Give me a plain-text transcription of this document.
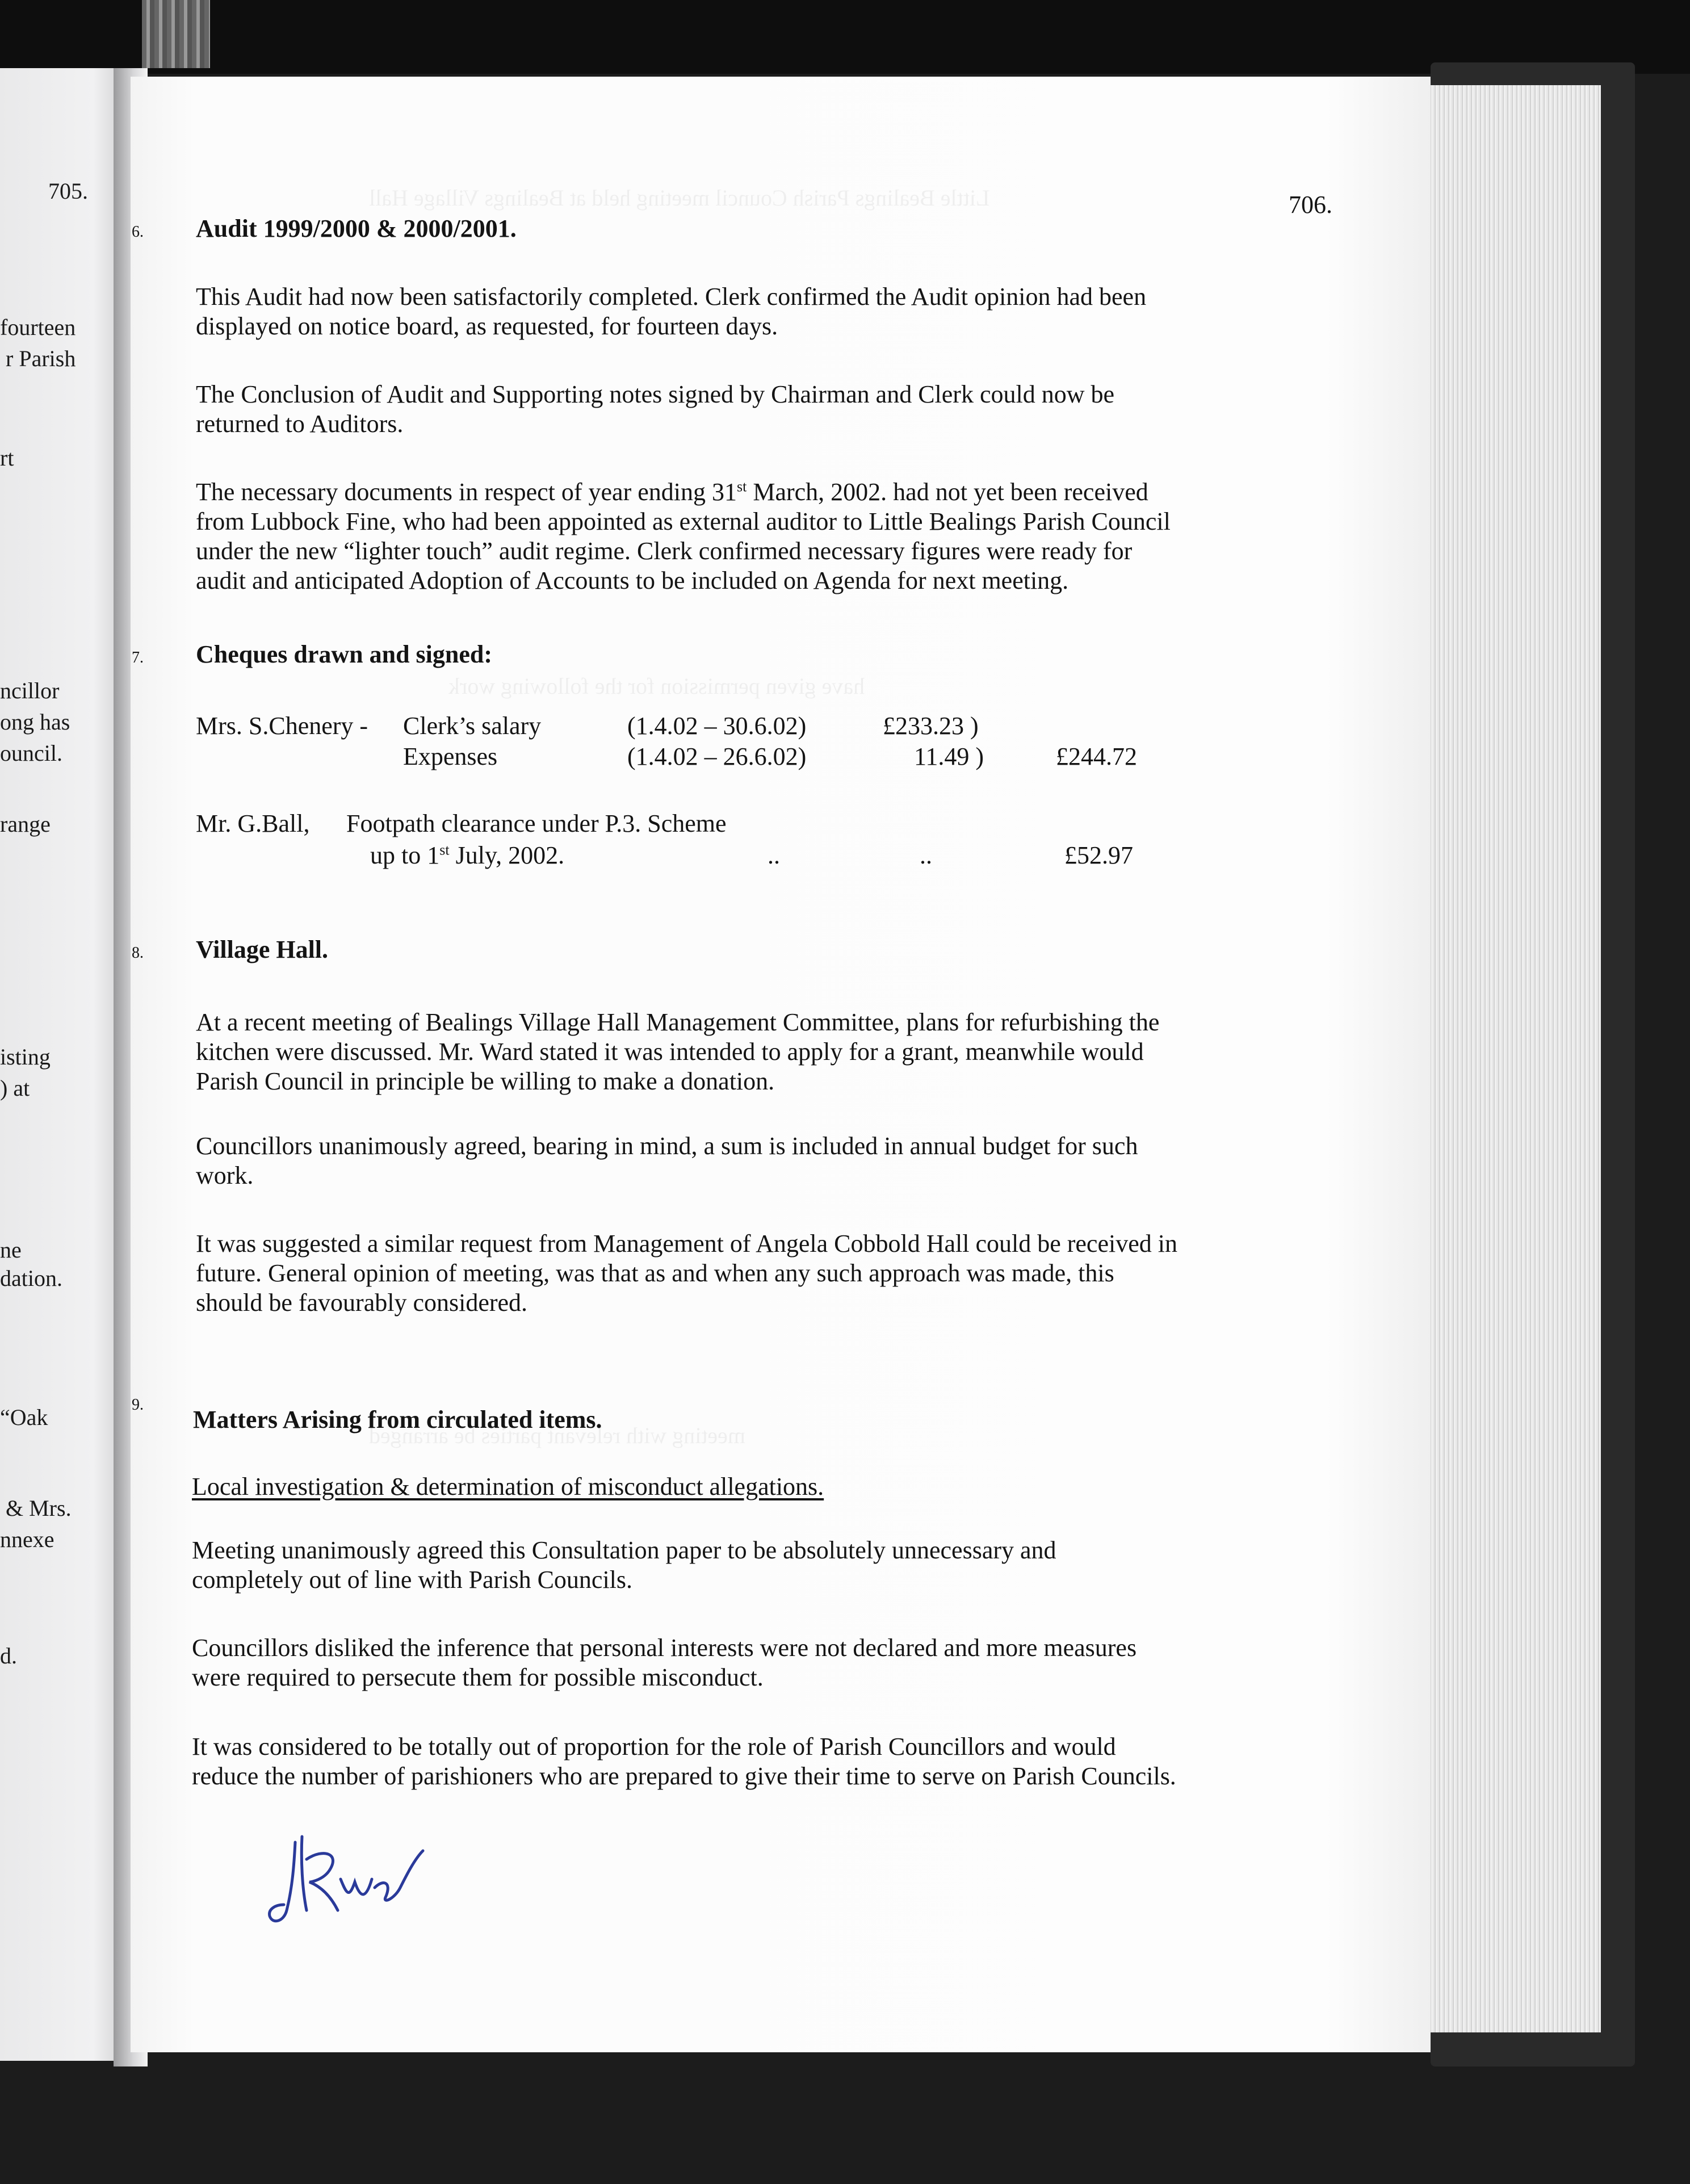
705.
fourteen
r Parish
rt
ncillor
ong has
ouncil.
range
isting
) at
ne
dation.
“Oak
& Mrs.
nnexe
d.
Little Bealings Parish Council meeting held at Bealings Village Hall
have given permission for the following work
meeting with relevant parties be arranged
706.
6. Audit 1999/2000 & 2000/2001.
This Audit had now been satisfactorily completed. Clerk confirmed the Audit opinion had been
displayed on notice board, as requested, for fourteen days.
The Conclusion of Audit and Supporting notes signed by Chairman and Clerk could now be
returned to Auditors.
The necessary documents in respect of year ending 31st March, 2002. had not yet been received
from Lubbock Fine, who had been appointed as external auditor to Little Bealings Parish Council
under the new “lighter touch” audit regime. Clerk confirmed necessary figures were ready for
audit and anticipated Adoption of Accounts to be included on Agenda for next meeting.
7. Cheques drawn and signed:
Mrs. S.Chenery - Clerk’s salary	(1.4.02 – 30.6.02)	£233.23 )
Expenses	(1.4.02 – 26.6.02)	11.49 )	£244.72
Mr. G.Ball, Footpath clearance under P.3. Scheme
up to 1st July, 2002.	..	..	£52.97
8. Village Hall.
At a recent meeting of Bealings Village Hall Management Committee, plans for refurbishing the
kitchen were discussed. Mr. Ward stated it was intended to apply for a grant, meanwhile would
Parish Council in principle be willing to make a donation.
Councillors unanimously agreed, bearing in mind, a sum is included in annual budget for such
work.
It was suggested a similar request from Management of Angela Cobbold Hall could be received in
future. General opinion of meeting, was that as and when any such approach was made, this
should be favourably considered.
9.
Matters Arising from circulated items.
Local investigation & determination of misconduct allegations.
Meeting unanimously agreed this Consultation paper to be absolutely unnecessary and
completely out of line with Parish Councils.
Councillors disliked the inference that personal interests were not declared and more measures
were required to persecute them for possible misconduct.
It was considered to be totally out of proportion for the role of Parish Councillors and would
reduce the number of parishioners who are prepared to give their time to serve on Parish Councils.
